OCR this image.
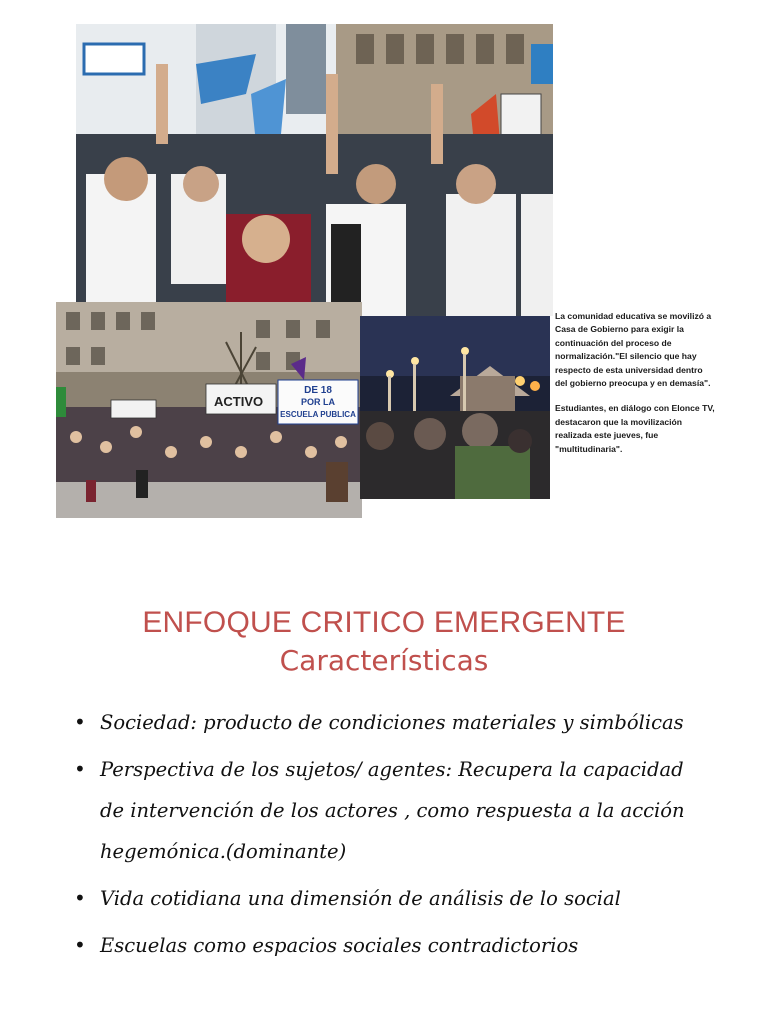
ACTIVO
DE 18
POR LA
ESCUELA PUBLICA

La comunidad educativa se movilizó a Casa de Gobierno para exigir la continuación del proceso de normalización."El silencio que hay respecto de esta universidad dentro del gobierno preocupa y en demasía".

Estudiantes, en diálogo con Elonce TV, destacaron que la movilización realizada este jueves, fue "multitudinaria".

ENFOQUE CRITICO EMERGENTE
Características
• Sociedad: producto de condiciones materiales y simbólicas
• Perspectiva de los sujetos/ agentes: Recupera la capacidad de intervención de los actores , como respuesta a la acción hegemónica.(dominante)
• Vida cotidiana una dimensión de análisis de lo social
• Escuelas como espacios sociales contradictorios
